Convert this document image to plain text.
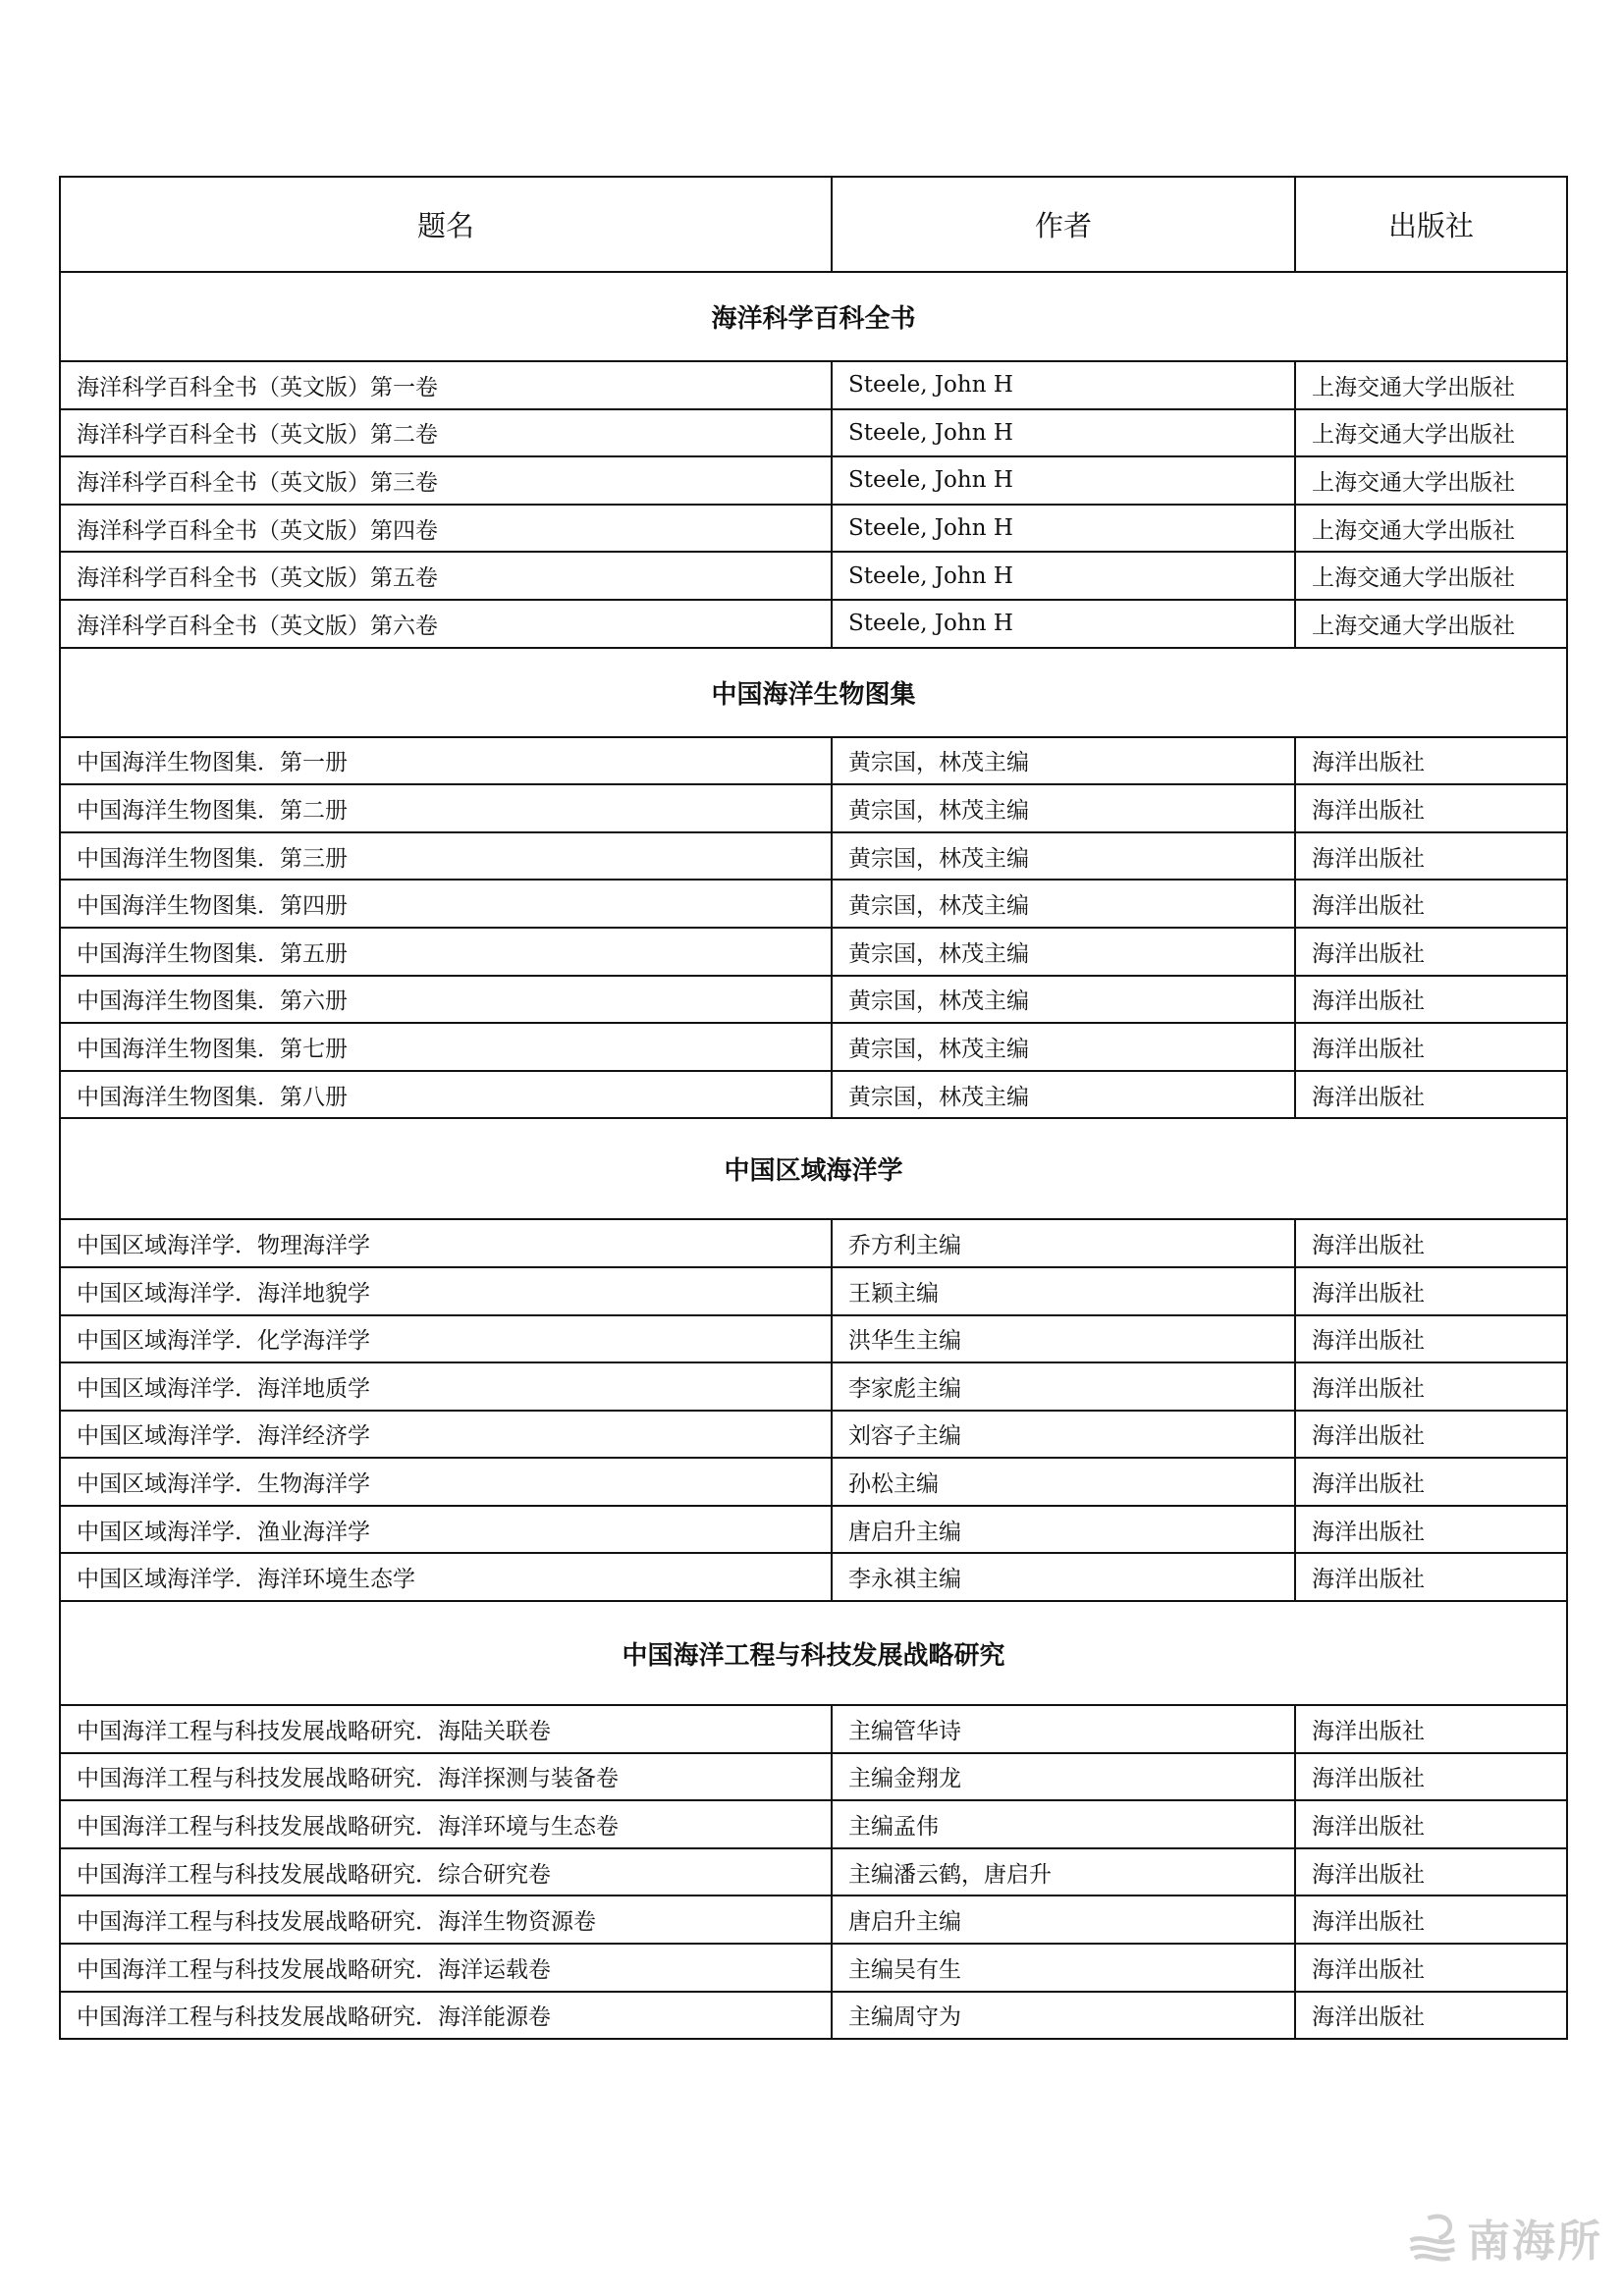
题名	作者	出版社
海洋科学百科全书		
海洋科学百科全书（英文版）第一卷	Steele, John H	上海交通大学出版社
海洋科学百科全书（英文版）第二卷	Steele, John H	上海交通大学出版社
海洋科学百科全书（英文版）第三卷	Steele, John H	上海交通大学出版社
海洋科学百科全书（英文版）第四卷	Steele, John H	上海交通大学出版社
海洋科学百科全书（英文版）第五卷	Steele, John H	上海交通大学出版社
海洋科学百科全书（英文版）第六卷	Steele, John H	上海交通大学出版社
中国海洋生物图集		
中国海洋生物图集．第一册	黄宗国，林茂主编	海洋出版社
中国海洋生物图集．第二册	黄宗国，林茂主编	海洋出版社
中国海洋生物图集．第三册	黄宗国，林茂主编	海洋出版社
中国海洋生物图集．第四册	黄宗国，林茂主编	海洋出版社
中国海洋生物图集．第五册	黄宗国，林茂主编	海洋出版社
中国海洋生物图集．第六册	黄宗国，林茂主编	海洋出版社
中国海洋生物图集．第七册	黄宗国，林茂主编	海洋出版社
中国海洋生物图集．第八册	黄宗国，林茂主编	海洋出版社
中国区域海洋学		
中国区域海洋学．物理海洋学	乔方利主编	海洋出版社
中国区域海洋学．海洋地貌学	王颖主编	海洋出版社
中国区域海洋学．化学海洋学	洪华生主编	海洋出版社
中国区域海洋学．海洋地质学	李家彪主编	海洋出版社
中国区域海洋学．海洋经济学	刘容子主编	海洋出版社
中国区域海洋学．生物海洋学	孙松主编	海洋出版社
中国区域海洋学．渔业海洋学	唐启升主编	海洋出版社
中国区域海洋学．海洋环境生态学	李永祺主编	海洋出版社
中国海洋工程与科技发展战略研究		
中国海洋工程与科技发展战略研究．海陆关联卷	主编管华诗	海洋出版社
中国海洋工程与科技发展战略研究．海洋探测与装备卷	主编金翔龙	海洋出版社
中国海洋工程与科技发展战略研究．海洋环境与生态卷	主编孟伟	海洋出版社
中国海洋工程与科技发展战略研究．综合研究卷	主编潘云鹤，唐启升	海洋出版社
中国海洋工程与科技发展战略研究．海洋生物资源卷	唐启升主编	海洋出版社
中国海洋工程与科技发展战略研究．海洋运载卷	主编吴有生	海洋出版社
中国海洋工程与科技发展战略研究．海洋能源卷	主编周守为	海洋出版社
南海所
